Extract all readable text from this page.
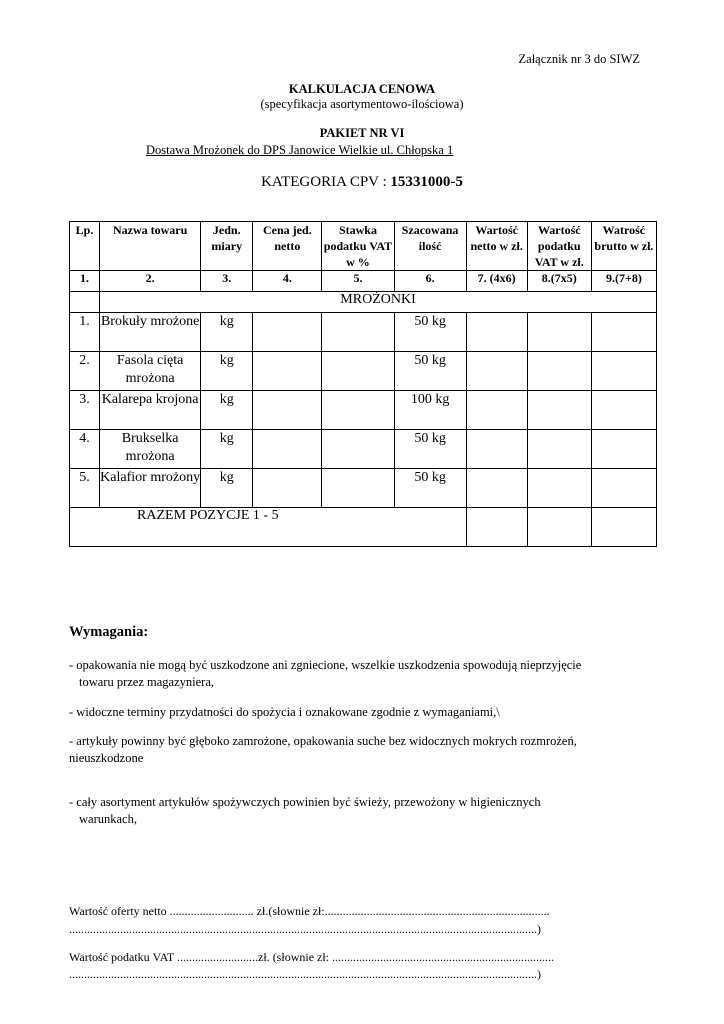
Załącznik nr 3 do SIWZ
KALKULACJA CENOWA
(specyfikacja asortymentowo-ilościowa)
PAKIET NR VI
Dostawa Mrożonek do DPS Janowice Wielkie ul. Chłopska 1
KATEGORIA CPV : 15331000-5
Lp.	Nazwa towaru	Jedn. miary	Cena jed. netto	Stawka podatku VAT w %	Szacowana ilość	Wartość netto w zł.	Wartość podatku VAT w zł.	Watrość brutto w zł.
1.	2.	3.	4.	5.	6.	7. (4x6)	8.(7x5)	9.(7+8)
	MROŻONKI							
1.	Brokuły mrożone	kg			50 kg			
2.	Fasola cięta mrożona	kg			50 kg			
3.	Kalarepa krojona	kg			100 kg			
4.	Brukselka mrożona	kg			50 kg			
5.	Kalafior mrożony	kg			50 kg			
RAZEM POZYCJE 1 - 5								
Wymagania:
- opakowania nie mogą być uszkodzone ani zgniecione, wszelkie uszkodzenia spowodują nieprzyjęcie
towaru przez magazyniera,
- widoczne terminy przydatności do spożycia i oznakowane zgodnie z wymaganiami,\
- artykuły powinny być głęboko zamrożone, opakowania suche bez widocznych mokrych rozmrożeń,
nieuszkodzone
- cały asortyment artykułów spożywczych powinien być świeży, przewożony w higienicznych
warunkach,
Wartość oferty netto ............................ zł.(słownie zł:...........................................................................
............................................................................................................................................................)
Wartość podatku VAT ...........................zł. (słownie zł: ..........................................................................
............................................................................................................................................................)
